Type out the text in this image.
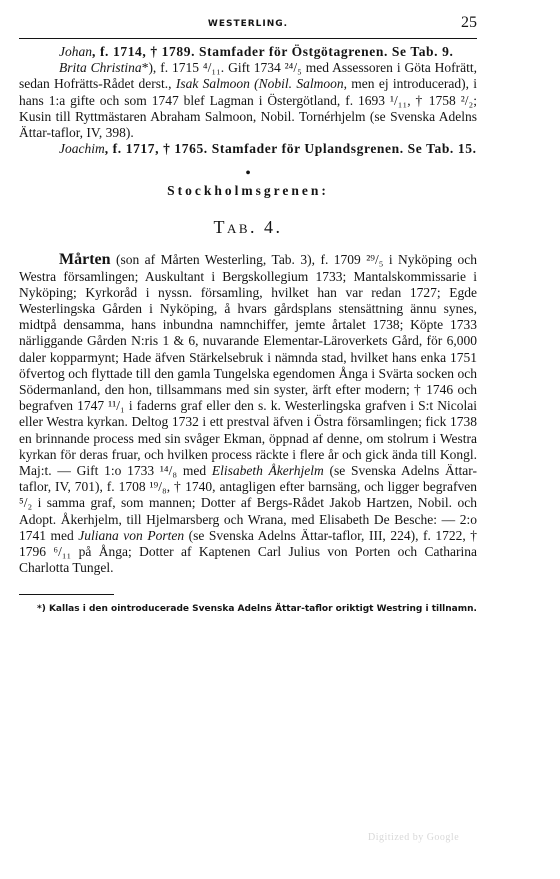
WESTERLING.	25

Johan, f. 1714, † 1789. Stamfader för Östgötagrenen. Se Tab. 9.

Brita Christina*), f. 1715 ⁴/₁₁. Gift 1734 ²⁴/₅ med Assessoren i Göta Hofrätt, sedan Hofrätts-Rådet derst., Isak Salmoon (Nobil. Salmoon, men ej introducerad), i hans 1:a gifte och som 1747 blef Lagman i Östergötland, f. 1693 ¹/₁₁, † 1758 ²/₂; Kusin till Ryttmästaren Abraham Salmoon, Nobil. Tornérhjelm (se Svenska Adelns Ättar-taflor, IV, 398).

Joachim, f. 1717, † 1765. Stamfader för Uplandsgrenen. Se Tab. 15.

•
Stockholmsgrenen:
Tab. 4.

Mårten (son af Mårten Westerling, Tab. 3), f. 1709 ²⁹/₅ i Nyköping och Westra församlingen; Auskultant i Bergskollegium 1733; Mantalskommissarie i Nyköping; Kyrkoråd i nyssn. församling, hvilket han var redan 1727; Egde Westerlingska Gården i Nyköping, å hvars gårdsplans stensättning ännu synes, midtpå densamma, hans inbundna namnchiffer, jemte årtalet 1738; Köpte 1733 närliggande Gården N:ris 1 & 6, nuvarande Elementar-Läroverkets Gård, för 6,000 daler kopparmynt; Hade äfven Stärkelsebruk i nämnda stad, hvilket hans enka 1751 öfvertog och flyttade till den gamla Tungelska egendomen Ånga i Svärta socken och Södermanland, den hon, tillsammans med sin syster, ärft efter modern; † 1746 och begrafven 1747 ¹¹/₁ i faderns graf eller den s. k. Westerlingska grafven i S:t Nicolai eller Westra kyrkan. Deltog 1732 i ett prestval äfven i Östra församlingen; fick 1738 en brinnande process med sin svåger Ekman, öppnad af denne, om stolrum i Westra kyrkan för deras fruar, och hvilken process räckte i flere år och gick ända till Kongl. Maj:t. — Gift 1:o 1733 ¹⁴/₈ med Elisabeth Åkerhjelm (se Svenska Adelns Ättar-taflor, IV, 701), f. 1708 ¹⁹/₈, † 1740, antagligen efter barnsäng, och ligger begrafven ⁵/₂ i samma graf, som mannen; Dotter af Bergs-Rådet Jakob Hartzen, Nobil. och Adopt. Åkerhjelm, till Hjelmarsberg och Wrana, med Elisabeth De Besche: — 2:o 1741 med Juliana von Porten (se Svenska Adelns Ättar-taflor, III, 224), f. 1722, † 1796 ⁶/₁₁ på Ånga; Dotter af Kaptenen Carl Julius von Porten och Catharina Charlotta Tungel.

*) Kallas i den ointroducerade Svenska Adelns Ättar-taflor oriktigt Westring i tillnamn.

Digitized by Google
